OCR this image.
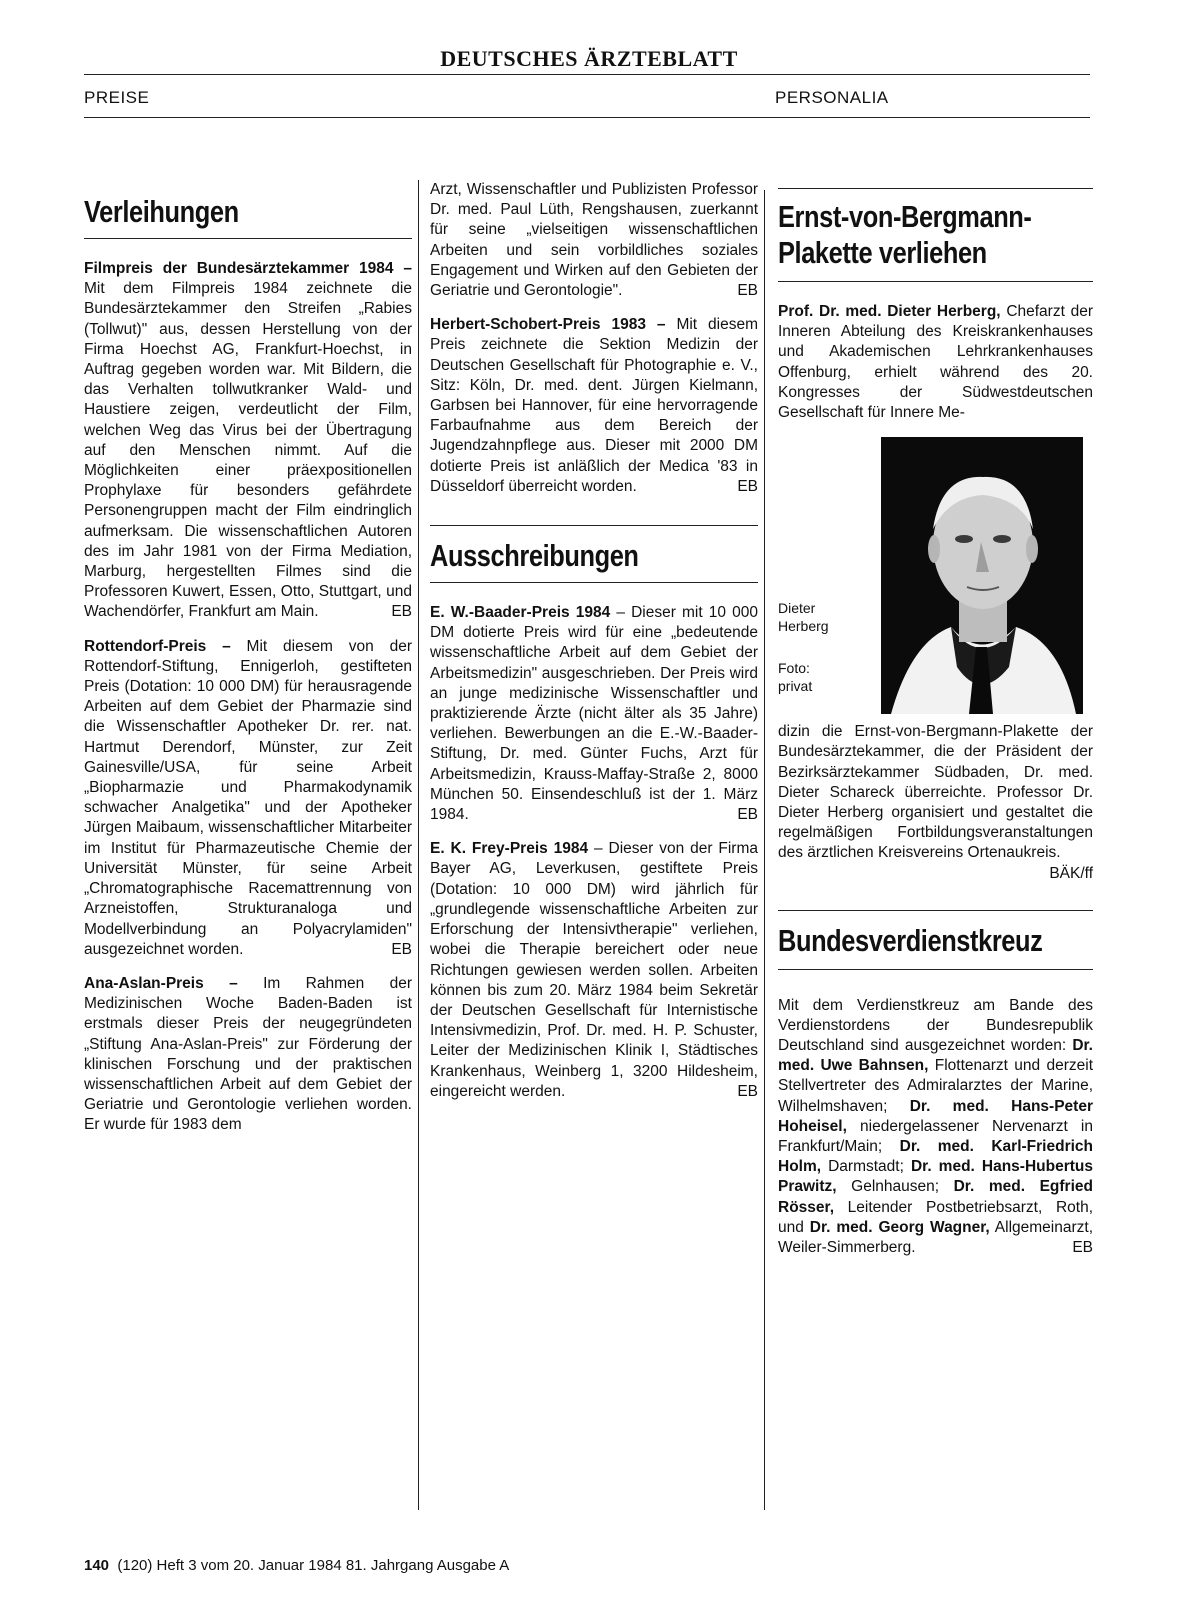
DEUTSCHES ÄRZTEBLATT
PREISE	PERSONALIA
Verleihungen

Filmpreis der Bundesärztekammer 1984 – Mit dem Filmpreis 1984 zeichnete die Bundesärztekammer den Streifen „Rabies (Tollwut)" aus, dessen Herstellung von der Firma Hoechst AG, Frankfurt-Hoechst, in Auftrag gegeben worden war. Mit Bildern, die das Verhalten tollwutkranker Wald- und Haustiere zeigen, verdeutlicht der Film, welchen Weg das Virus bei der Übertragung auf den Menschen nimmt. Auf die Möglichkeiten einer präexpositionellen Prophylaxe für besonders gefährdete Personengruppen macht der Film eindringlich aufmerksam. Die wissenschaftlichen Autoren des im Jahr 1981 von der Firma Mediation, Marburg, hergestellten Filmes sind die Professoren Kuwert, Essen, Otto, Stuttgart, und Wachendörfer, Frankfurt am Main.	EB

Rottendorf-Preis – Mit diesem von der Rottendorf-Stiftung, Ennigerloh, gestifteten Preis (Dotation: 10 000 DM) für herausragende Arbeiten auf dem Gebiet der Pharmazie sind die Wissenschaftler Apotheker Dr. rer. nat. Hartmut Derendorf, Münster, zur Zeit Gainesville/USA, für seine Arbeit „Biopharmazie und Pharmakodynamik schwacher Analgetika" und der Apotheker Jürgen Maibaum, wissenschaftlicher Mitarbeiter im Institut für Pharmazeutische Chemie der Universität Münster, für seine Arbeit „Chromatographische Racemattrennung von Arzneistoffen, Strukturanaloga und Modellverbindung an Polyacrylamiden" ausgezeichnet worden.	EB

Ana-Aslan-Preis – Im Rahmen der Medizinischen Woche Baden-Baden ist erstmals dieser Preis der neugegründeten „Stiftung Ana-Aslan-Preis" zur Förderung der klinischen Forschung und der praktischen wissenschaftlichen Arbeit auf dem Gebiet der Geriatrie und Gerontologie verliehen worden. Er wurde für 1983 dem

Arzt, Wissenschaftler und Publizisten Professor Dr. med. Paul Lüth, Rengshausen, zuerkannt für seine „vielseitigen wissenschaftlichen Arbeiten und sein vorbildliches soziales Engagement und Wirken auf den Gebieten der Geriatrie und Gerontologie".	EB

Herbert-Schobert-Preis 1983 – Mit diesem Preis zeichnete die Sektion Medizin der Deutschen Gesellschaft für Photographie e. V., Sitz: Köln, Dr. med. dent. Jürgen Kielmann, Garbsen bei Hannover, für eine hervorragende Farbaufnahme aus dem Bereich der Jugendzahnpflege aus. Dieser mit 2000 DM dotierte Preis ist anläßlich der Medica '83 in Düsseldorf überreicht worden.	EB

Ausschreibungen

E. W.-Baader-Preis 1984 – Dieser mit 10 000 DM dotierte Preis wird für eine „bedeutende wissenschaftliche Arbeit auf dem Gebiet der Arbeitsmedizin" ausgeschrieben. Der Preis wird an junge medizinische Wissenschaftler und praktizierende Ärzte (nicht älter als 35 Jahre) verliehen. Bewerbungen an die E.-W.-Baader-Stiftung, Dr. med. Günter Fuchs, Arzt für Arbeitsmedizin, Krauss-Maffay-Straße 2, 8000 München 50. Einsendeschluß ist der 1. März 1984.	EB

E. K. Frey-Preis 1984 – Dieser von der Firma Bayer AG, Leverkusen, gestiftete Preis (Dotation: 10 000 DM) wird jährlich für „grundlegende wissenschaftliche Arbeiten zur Erforschung der Intensivtherapie" verliehen, wobei die Therapie bereichert oder neue Richtungen gewiesen werden sollen. Arbeiten können bis zum 20. März 1984 beim Sekretär der Deutschen Gesellschaft für Internistische Intensivmedizin, Prof. Dr. med. H. P. Schuster, Leiter der Medizinischen Klinik I, Städtisches Krankenhaus, Weinberg 1, 3200 Hildesheim, eingereicht werden.	EB

Ernst-von-Bergmann-
Plakette verliehen

Prof. Dr. med. Dieter Herberg, Chefarzt der Inneren Abteilung des Kreiskrankenhauses und Akademischen Lehrkrankenhauses Offenburg, erhielt während des 20. Kongresses der Südwestdeutschen Gesellschaft für Innere Me-

Dieter
Herberg
Foto:
privat

dizin die Ernst-von-Bergmann-Plakette der Bundesärztekammer, die der Präsident der Bezirksärztekammer Südbaden, Dr. med. Dieter Schareck überreichte. Professor Dr. Dieter Herberg organisiert und gestaltet die regelmäßigen Fortbildungsveranstaltungen des ärztlichen Kreisvereins Ortenaukreis.
BÄK/ff

Bundesverdienstkreuz

Mit dem Verdienstkreuz am Bande des Verdienstordens der Bundesrepublik Deutschland sind ausgezeichnet worden: Dr. med. Uwe Bahnsen, Flottenarzt und derzeit Stellvertreter des Admiralarztes der Marine, Wilhelmshaven; Dr. med. Hans-Peter Hoheisel, niedergelassener Nervenarzt in Frankfurt/Main; Dr. med. Karl-Friedrich Holm, Darmstadt; Dr. med. Hans-Hubertus Prawitz, Gelnhausen; Dr. med. Egfried Rösser, Leitender Postbetriebsarzt, Roth, und Dr. med. Georg Wagner, Allgemeinarzt, Weiler-Simmerberg.	EB

140 (120) Heft 3 vom 20. Januar 1984 81. Jahrgang Ausgabe A
